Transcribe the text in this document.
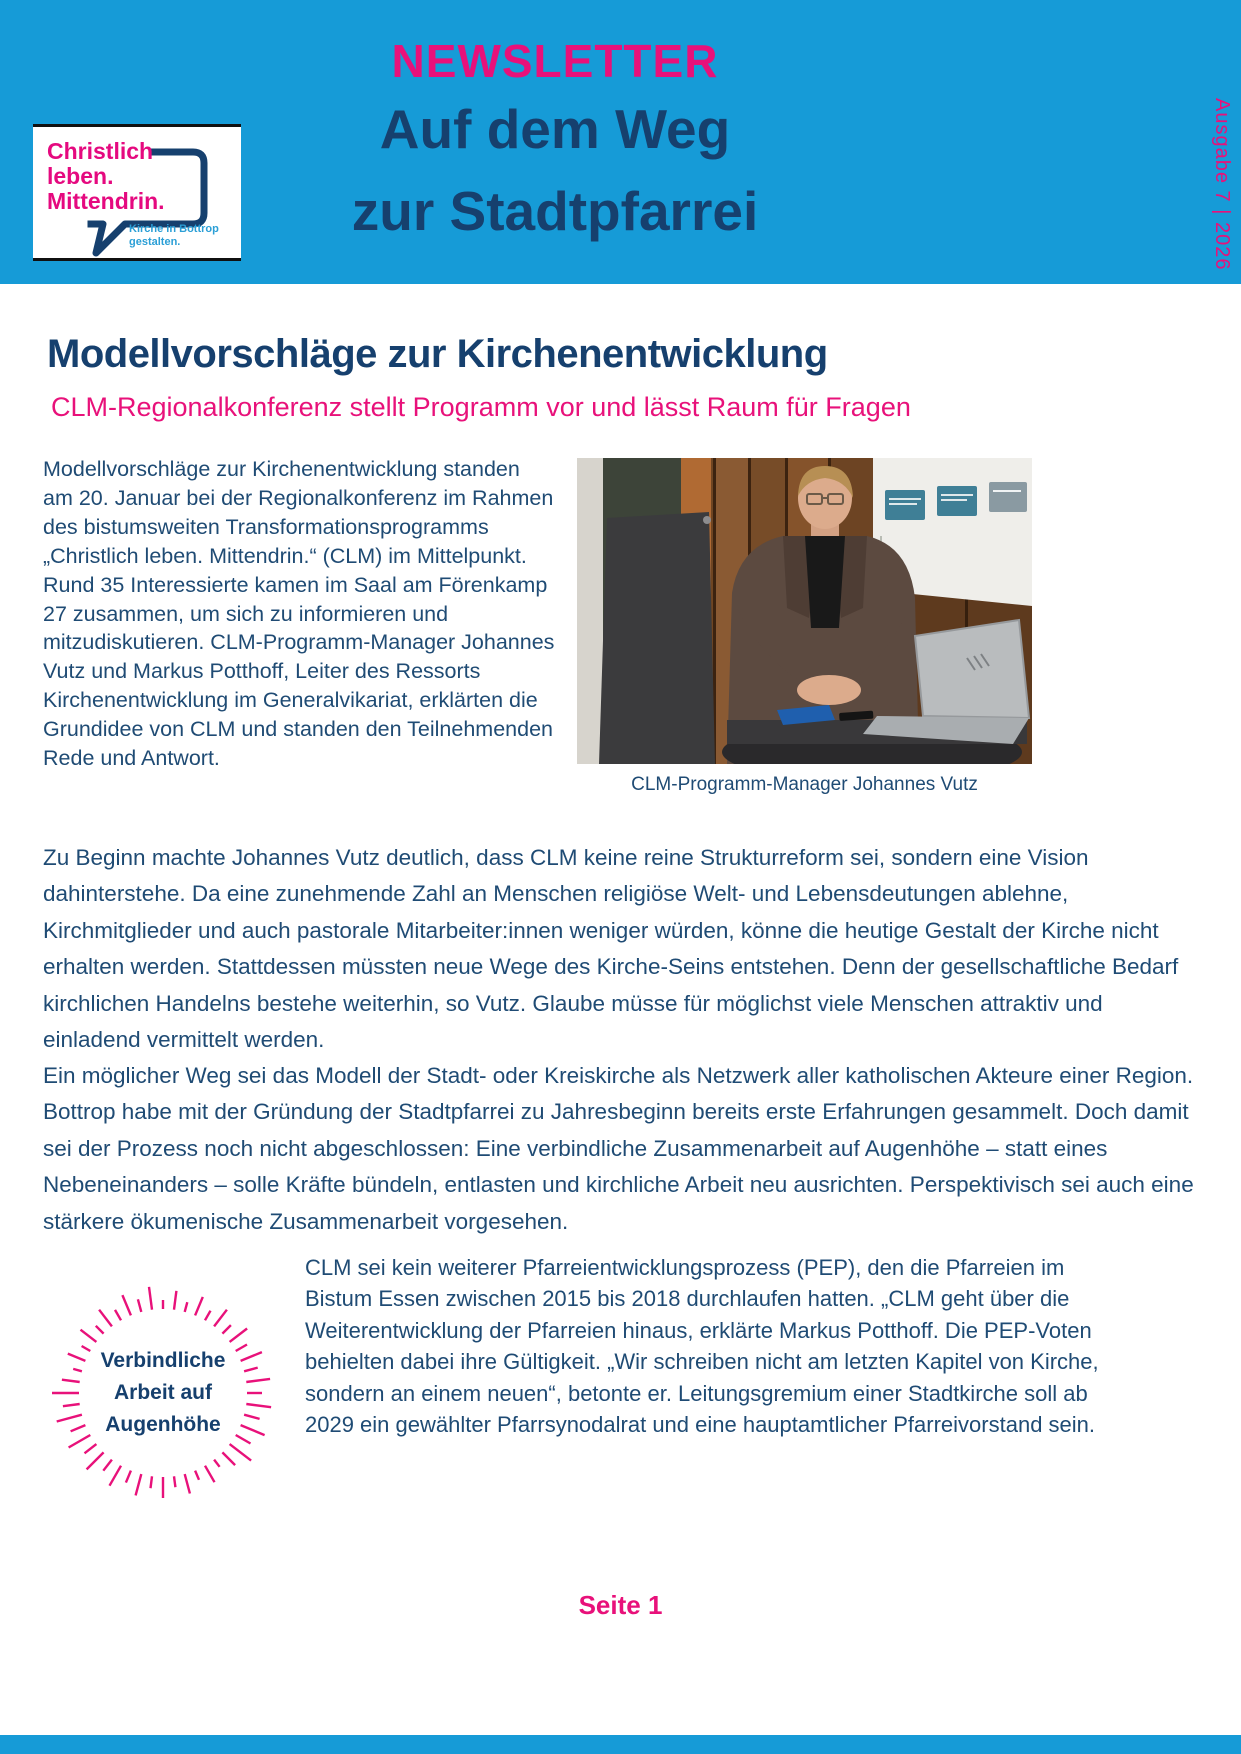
Christlich
leben.
Mittendrin.
Kirche in Bottrop
gestalten.
NEWSLETTER
Auf dem Weg
zur Stadtpfarrei	Ausgabe 7 | 2026
Modellvorschläge zur Kirchenentwicklung
CLM-Regionalkonferenz stellt Programm vor und lässt Raum für Fragen
Modellvorschläge zur Kirchenentwicklung standen am 20. Januar bei der Regionalkonferenz im Rahmen des bistumsweiten Transformationsprogramms „Christlich leben. Mittendrin.“ (CLM) im Mittelpunkt. Rund 35 Interessierte kamen im Saal am Förenkamp 27 zusammen, um sich zu informieren und mitzudiskutieren. CLM-Programm-Manager Johannes Vutz und Markus Potthoff, Leiter des Ressorts Kirchenentwicklung im Generalvikariat, erklärten die Grundidee von CLM und standen den Teilnehmenden Rede und Antwort.
CLM-Programm-Manager Johannes Vutz
Zu Beginn machte Johannes Vutz deutlich, dass CLM keine reine Strukturreform sei, sondern eine Vision dahinterstehe. Da eine zunehmende Zahl an Menschen religiöse Welt- und Lebensdeutungen ablehne, Kirchmitglieder und auch pastorale Mitarbeiter:innen weniger würden, könne die heutige Gestalt der Kirche nicht erhalten werden. Stattdessen müssten neue Wege des Kirche-Seins entstehen. Denn der gesellschaftliche Bedarf kirchlichen Handelns bestehe weiterhin, so Vutz. Glaube müsse für möglichst viele Menschen attraktiv und einladend vermittelt werden.
Ein möglicher Weg sei das Modell der Stadt- oder Kreiskirche als Netzwerk aller katholischen Akteure einer Region. Bottrop habe mit der Gründung der Stadtpfarrei zu Jahresbeginn bereits erste Erfahrungen gesammelt. Doch damit sei der Prozess noch nicht abgeschlossen: Eine verbindliche Zusammenarbeit auf Augenhöhe – statt eines Nebeneinanders – solle Kräfte bündeln, entlasten und kirchliche Arbeit neu ausrichten. Perspektivisch sei auch eine stärkere ökumenische Zusammenarbeit vorgesehen.
Verbindliche
Arbeit auf
Augenhöhe
CLM sei kein weiterer Pfarreientwicklungsprozess (PEP), den die Pfarreien im Bistum Essen zwischen 2015 bis 2018 durchlaufen hatten. „CLM geht über die Weiterentwicklung der Pfarreien hinaus, erklärte Markus Potthoff. Die PEP-Voten behielten dabei ihre Gültigkeit. „Wir schreiben nicht am letzten Kapitel von Kirche, sondern an einem neuen“, betonte er. Leitungsgremium einer Stadtkirche soll ab 2029 ein gewählter Pfarrsynodalrat und eine hauptamtlicher Pfarreivorstand sein.
Seite 1
